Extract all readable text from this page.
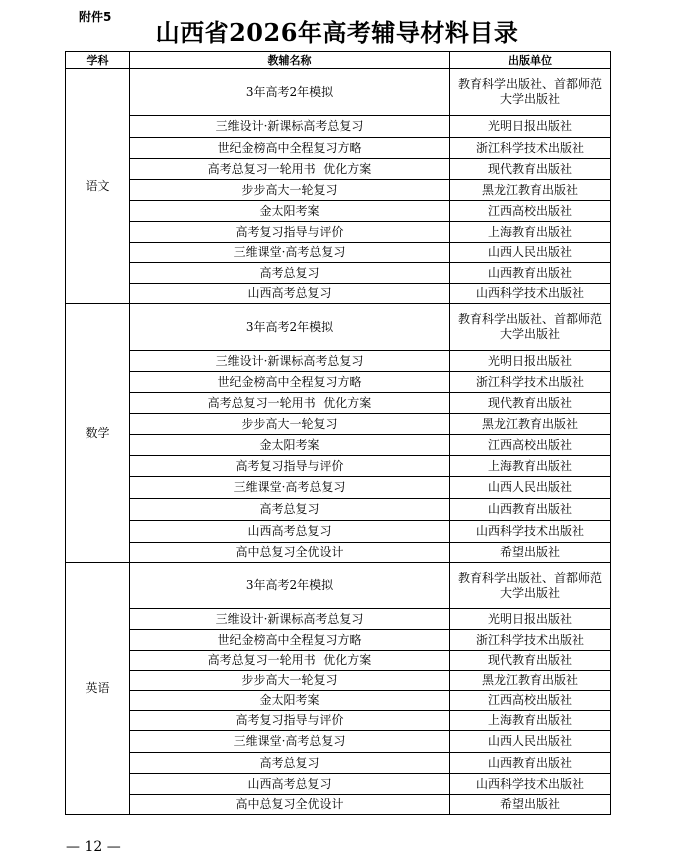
附件5
山西省2026年高考辅导材料目录
学科	教辅名称	出版单位
语文	3年高考2年模拟	教育科学出版社、首都师范大学出版社
	三维设计·新课标高考总复习	光明日报出版社
	世纪金榜高中全程复习方略	浙江科学技术出版社
	高考总复习一轮用书  优化方案	现代教育出版社
	步步高大一轮复习	黑龙江教育出版社
	金太阳考案	江西高校出版社
	高考复习指导与评价	上海教育出版社
	三维课堂·高考总复习	山西人民出版社
	高考总复习	山西教育出版社
	山西高考总复习	山西科学技术出版社
数学	3年高考2年模拟	教育科学出版社、首都师范大学出版社
	三维设计·新课标高考总复习	光明日报出版社
	世纪金榜高中全程复习方略	浙江科学技术出版社
	高考总复习一轮用书  优化方案	现代教育出版社
	步步高大一轮复习	黑龙江教育出版社
	金太阳考案	江西高校出版社
	高考复习指导与评价	上海教育出版社
	三维课堂·高考总复习	山西人民出版社
	高考总复习	山西教育出版社
	山西高考总复习	山西科学技术出版社
	高中总复习全优设计	希望出版社
英语	3年高考2年模拟	教育科学出版社、首都师范大学出版社
	三维设计·新课标高考总复习	光明日报出版社
	世纪金榜高中全程复习方略	浙江科学技术出版社
	高考总复习一轮用书  优化方案	现代教育出版社
	步步高大一轮复习	黑龙江教育出版社
	金太阳考案	江西高校出版社
	高考复习指导与评价	上海教育出版社
	三维课堂·高考总复习	山西人民出版社
	高考总复习	山西教育出版社
	山西高考总复习	山西科学技术出版社
	高中总复习全优设计	希望出版社
— 12 —
